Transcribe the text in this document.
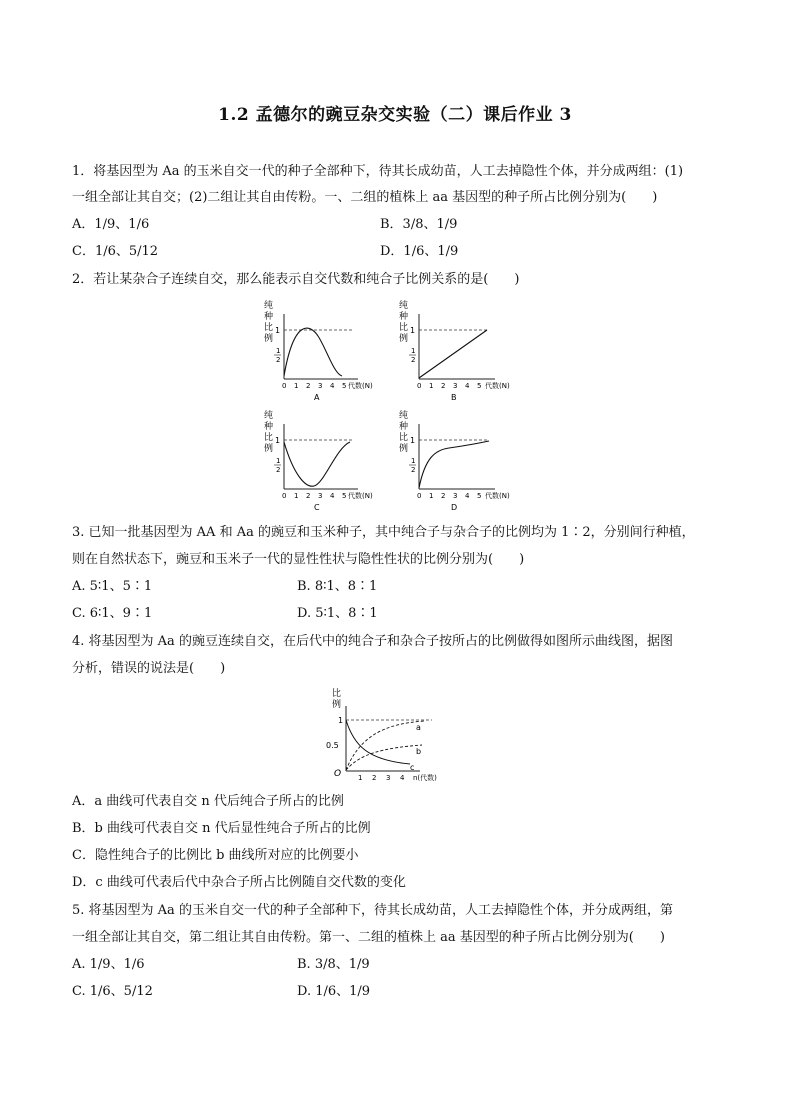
1.2 孟德尔的豌豆杂交实验（二）课后作业 3
1．将基因型为 Aa 的玉米自交一代的种子全部种下，待其长成幼苗，人工去掉隐性个体，并分成两组：(1)
一组全部让其自交；(2)二组让其自由传粉。一、二组的植株上 aa 基因型的种子所占比例分别为(　　)
A．1/9、1/6	B．3/8、1/9
C．1/6、5/12	D．1/6、1/9
2．若让某杂合子连续自交，那么能表示自交代数和纯合子比例关系的是(　　)
纯
种
比
例
1
1
2
0 1 2 3 4 5 代数(N)
A
纯
种
比
例
1
1
2
0 1 2 3 4 5 代数(N)
B
纯
种
比
例
1
1
2
0 1 2 3 4 5 代数(N)
C
纯
种
比
例
1
1
2
0 1 2 3 4 5 代数(N)
D
3. 已知一批基因型为 AA 和 Aa 的豌豆和玉米种子，其中纯合子与杂合子的比例均为 1∶2，分别间行种植，
则在自然状态下，豌豆和玉米子一代的显性性状与隐性性状的比例分别为(　　)
A. 5∶1、5∶1	B. 8∶1、8∶1
C. 6∶1、9∶1	D. 5∶1、8∶1
4. 将基因型为 Aa 的豌豆连续自交，在后代中的纯合子和杂合子按所占的比例做得如图所示曲线图，据图
分析，错误的说法是(　　)
比
例
1
0.5
O
a
b
c
1 2 3 4 n(代数)
A．a 曲线可代表自交 n 代后纯合子所占的比例
B．b 曲线可代表自交 n 代后显性纯合子所占的比例
C．隐性纯合子的比例比 b 曲线所对应的比例要小
D．c 曲线可代表后代中杂合子所占比例随自交代数的变化
5. 将基因型为 Aa 的玉米自交一代的种子全部种下，待其长成幼苗，人工去掉隐性个体，并分成两组，第
一组全部让其自交，第二组让其自由传粉。第一、二组的植株上 aa 基因型的种子所占比例分别为(　　)
A. 1/9、1/6	B. 3/8、1/9
C. 1/6、5/12	D. 1/6、1/9
